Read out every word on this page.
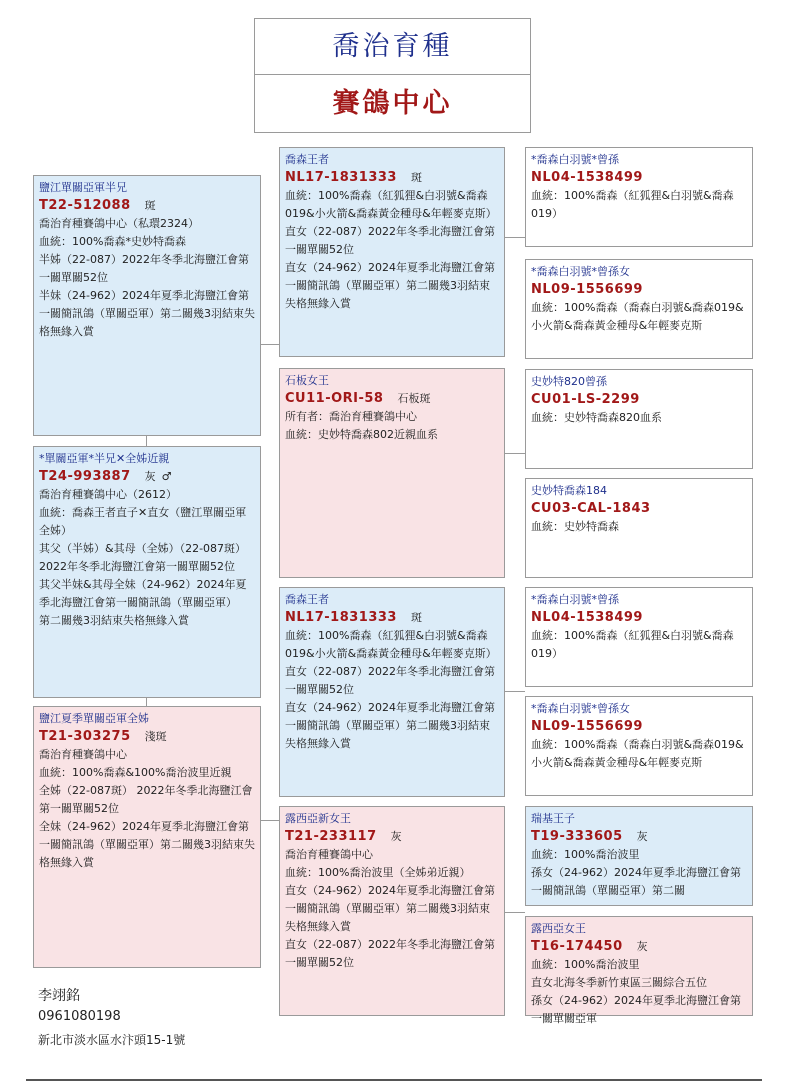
喬治育種
賽鴿中心
鹽江單關亞軍半兄
T22-512088 斑
喬治育種賽鴿中心（私環2324）
血統：100%喬森*史妙特喬森
半姊（22-087）2022年冬季北海鹽江會第一關單關52位
半妹（24-962）2024年夏季北海鹽江會第一關簡訊鴿（單關亞軍）第二關幾3羽結束失格無緣入賞
*單關亞軍*半兄✕全姊近親
T24-993887 灰 ♂
喬治育種賽鴿中心（2612）
血統：喬森王者直子✕直女（鹽江單關亞軍全姊）
其父（半姊）&其母（全姊）（22-087斑） 2022年冬季北海鹽江會第一關單關52位
其父半妹&其母全妹（24-962）2024年夏季北海鹽江會第一關簡訊鴿（單關亞軍）
第二關幾3羽結束失格無緣入賞
鹽江夏季單關亞軍全姊
T21-303275 淺斑
喬治育種賽鴿中心
血統：100%喬森&100%喬治波里近親
全姊（22-087斑） 2022年冬季北海鹽江會第一關單關52位
全妹（24-962）2024年夏季北海鹽江會第一關簡訊鴿（單關亞軍）第二關幾3羽結束失格無緣入賞
喬森王者
NL17-1831333 斑
血統：100%喬森（紅狐狸&白羽號&喬森019&小火箭&喬森黃金種母&年輕麥克斯）
直女（22-087）2022年冬季北海鹽江會第一關單關52位
直女（24-962）2024年夏季北海鹽江會第一關簡訊鴿（單關亞軍）第二關幾3羽結束失格無緣入賞
石板女王
CU11-ORI-58 石板斑
所有者：喬治育種賽鴿中心
血統：史妙特喬森802近親血系
喬森王者
NL17-1831333 斑
血統：100%喬森（紅狐狸&白羽號&喬森019&小火箭&喬森黃金種母&年輕麥克斯）
直女（22-087）2022年冬季北海鹽江會第一關單關52位
直女（24-962）2024年夏季北海鹽江會第一關簡訊鴿（單關亞軍）第二關幾3羽結束失格無緣入賞
露西亞新女王
T21-233117 灰
喬治育種賽鴿中心
血統：100%喬治波里（全姊弟近親）
直女（24-962）2024年夏季北海鹽江會第一關簡訊鴿（單關亞軍）第二關幾3羽結束失格無緣入賞
直女（22-087）2022年冬季北海鹽江會第一關單關52位
*喬森白羽號*曾孫
NL04-1538499
血統：100%喬森（紅狐狸&白羽號&喬森019）
*喬森白羽號*曾孫女
NL09-1556699
血統：100%喬森（喬森白羽號&喬森019&小火箭&喬森黃金種母&年輕麥克斯
史妙特820曾孫
CU01-LS-2299
血統：史妙特喬森820血系
史妙特喬森184
CU03-CAL-1843
血統：史妙特喬森
*喬森白羽號*曾孫
NL04-1538499
血統：100%喬森（紅狐狸&白羽號&喬森019）
*喬森白羽號*曾孫女
NL09-1556699
血統：100%喬森（喬森白羽號&喬森019&小火箭&喬森黃金種母&年輕麥克斯
瑞基王子
T19-333605 灰
血統：100%喬治波里
孫女（24-962）2024年夏季北海鹽江會第一關簡訊鴿（單關亞軍）第二關
露西亞女王
T16-174450 灰
血統：100%喬治波里
直女北海冬季新竹東區三關綜合五位
孫女（24-962）2024年夏季北海鹽江會第一關單關亞軍
李翊銘
0961080198
新北市淡水區水汴頭15-1號
